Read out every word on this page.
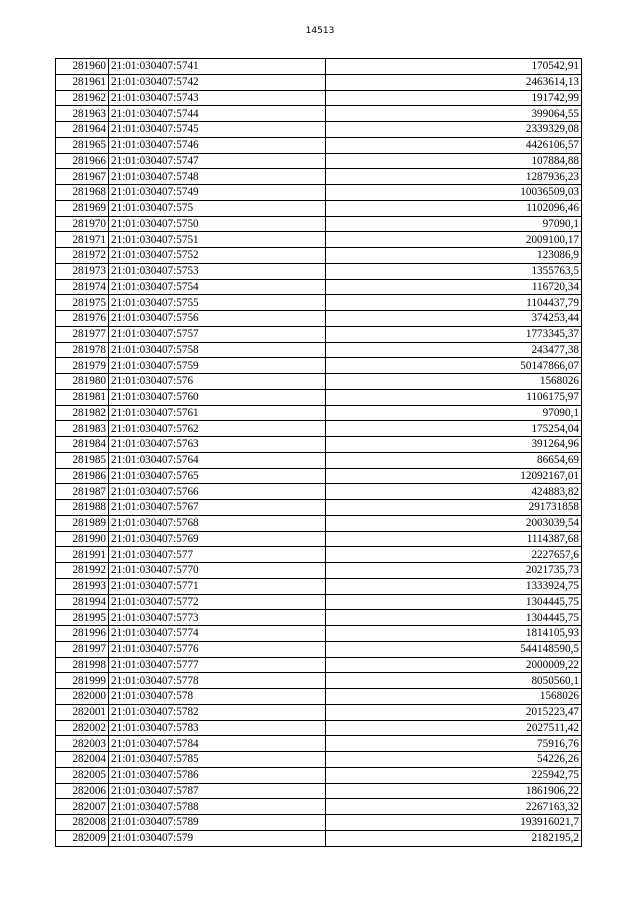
14513
281960	21:01:030407:5741	170542,91
281961	21:01:030407:5742	2463614,13
281962	21:01:030407:5743	191742,99
281963	21:01:030407:5744	399064,55
281964	21:01:030407:5745	2339329,08
281965	21:01:030407:5746	4426106,57
281966	21:01:030407:5747	107884,88
281967	21:01:030407:5748	1287936,23
281968	21:01:030407:5749	10036509,03
281969	21:01:030407:575	1102096,46
281970	21:01:030407:5750	97090,1
281971	21:01:030407:5751	2009100,17
281972	21:01:030407:5752	123086,9
281973	21:01:030407:5753	1355763,5
281974	21:01:030407:5754	116720,34
281975	21:01:030407:5755	1104437,79
281976	21:01:030407:5756	374253,44
281977	21:01:030407:5757	1773345,37
281978	21:01:030407:5758	243477,38
281979	21:01:030407:5759	50147866,07
281980	21:01:030407:576	1568026
281981	21:01:030407:5760	1106175,97
281982	21:01:030407:5761	97090,1
281983	21:01:030407:5762	175254,04
281984	21:01:030407:5763	391264,96
281985	21:01:030407:5764	86654,69
281986	21:01:030407:5765	12092167,01
281987	21:01:030407:5766	424883,82
281988	21:01:030407:5767	291731858
281989	21:01:030407:5768	2003039,54
281990	21:01:030407:5769	1114387,68
281991	21:01:030407:577	2227657,6
281992	21:01:030407:5770	2021735,73
281993	21:01:030407:5771	1333924,75
281994	21:01:030407:5772	1304445,75
281995	21:01:030407:5773	1304445,75
281996	21:01:030407:5774	1814105,93
281997	21:01:030407:5776	544148590,5
281998	21:01:030407:5777	2000009,22
281999	21:01:030407:5778	8050560,1
282000	21:01:030407:578	1568026
282001	21:01:030407:5782	2015223,47
282002	21:01:030407:5783	2027511,42
282003	21:01:030407:5784	75916,76
282004	21:01:030407:5785	54226,26
282005	21:01:030407:5786	225942,75
282006	21:01:030407:5787	1861906,22
282007	21:01:030407:5788	2267163,32
282008	21:01:030407:5789	193916021,7
282009	21:01:030407:579	2182195,2
